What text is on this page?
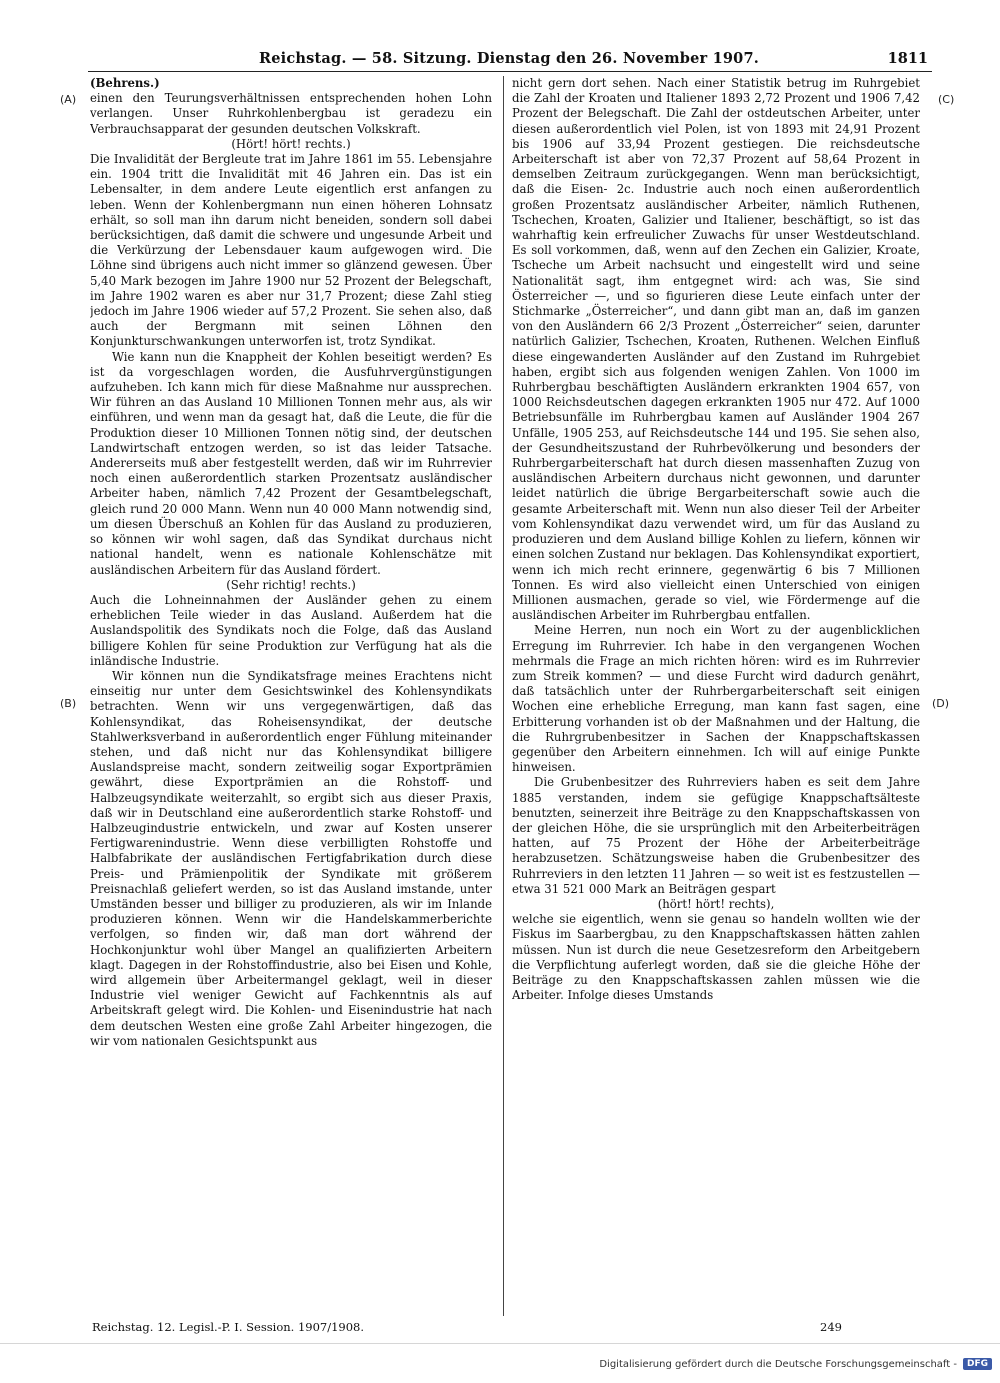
Reichstag. — 58. Sitzung. Dienstag den 26. November 1907.	1811
(A)
(B)
(C)
(D)

(Behrens.)

einen den Teurungsverhältnissen entsprechenden hohen Lohn verlangen. Unser Ruhrkohlenbergbau ist geradezu ein Verbrauchsapparat der gesunden deutschen Volkskraft.

(Hört! hört! rechts.)

Die Invalidität der Bergleute trat im Jahre 1861 im 55. Lebensjahre ein. 1904 tritt die Invalidität mit 46 Jahren ein. Das ist ein Lebensalter, in dem andere Leute eigentlich erst anfangen zu leben. Wenn der Kohlenbergmann nun einen höheren Lohnsatz erhält, so soll man ihn darum nicht beneiden, sondern soll dabei berücksichtigen, daß damit die schwere und ungesunde Arbeit und die Verkürzung der Lebensdauer kaum aufgewogen wird. Die Löhne sind übrigens auch nicht immer so glänzend gewesen. Über 5,40 Mark bezogen im Jahre 1900 nur 52 Prozent der Belegschaft, im Jahre 1902 waren es aber nur 31,7 Prozent; diese Zahl stieg jedoch im Jahre 1906 wieder auf 57,2 Prozent. Sie sehen also, daß auch der Bergmann mit seinen Löhnen den Konjunkturschwankungen unterworfen ist, trotz Syndikat.

Wie kann nun die Knappheit der Kohlen beseitigt werden? Es ist da vorgeschlagen worden, die Ausfuhrvergünstigungen aufzuheben. Ich kann mich für diese Maßnahme nur aussprechen. Wir führen an das Ausland 10 Millionen Tonnen mehr aus, als wir einführen, und wenn man da gesagt hat, daß die Leute, die für die Produktion dieser 10 Millionen Tonnen nötig sind, der deutschen Landwirtschaft entzogen werden, so ist das leider Tatsache. Andererseits muß aber festgestellt werden, daß wir im Ruhrrevier noch einen außerordentlich starken Prozentsatz ausländischer Arbeiter haben, nämlich 7,42 Prozent der Gesamtbelegschaft, gleich rund 20 000 Mann. Wenn nun 40 000 Mann notwendig sind, um diesen Überschuß an Kohlen für das Ausland zu produzieren, so können wir wohl sagen, daß das Syndikat durchaus nicht national handelt, wenn es nationale Kohlenschätze mit ausländischen Arbeitern für das Ausland fördert.

(Sehr richtig! rechts.)

Auch die Lohneinnahmen der Ausländer gehen zu einem erheblichen Teile wieder in das Ausland. Außerdem hat die Auslandspolitik des Syndikats noch die Folge, daß das Ausland billigere Kohlen für seine Produktion zur Verfügung hat als die inländische Industrie.

Wir können nun die Syndikatsfrage meines Erachtens nicht einseitig nur unter dem Gesichtswinkel des Kohlensyndikats betrachten. Wenn wir uns vergegenwärtigen, daß das Kohlensyndikat, das Roheisensyndikat, der deutsche Stahlwerksverband in außerordentlich enger Fühlung miteinander stehen, und daß nicht nur das Kohlensyndikat billigere Auslandspreise macht, sondern zeitweilig sogar Exportprämien gewährt, diese Exportprämien an die Rohstoff- und Halbzeugsyndikate weiterzahlt, so ergibt sich aus dieser Praxis, daß wir in Deutschland eine außerordentlich starke Rohstoff- und Halbzeugindustrie entwickeln, und zwar auf Kosten unserer Fertigwarenindustrie. Wenn diese verbilligten Rohstoffe und Halbfabrikate der ausländischen Fertigfabrikation durch diese Preis- und Prämienpolitik der Syndikate mit größerem Preisnachlaß geliefert werden, so ist das Ausland imstande, unter Umständen besser und billiger zu produzieren, als wir im Inlande produzieren können. Wenn wir die Handelskammerberichte verfolgen, so finden wir, daß man dort während der Hochkonjunktur wohl über Mangel an qualifizierten Arbeitern klagt. Dagegen in der Rohstoffindustrie, also bei Eisen und Kohle, wird allgemein über Arbeitermangel geklagt, weil in dieser Industrie viel weniger Gewicht auf Fachkenntnis als auf Arbeitskraft gelegt wird. Die Kohlen- und Eisenindustrie hat nach dem deutschen Westen eine große Zahl Arbeiter hingezogen, die wir vom nationalen Gesichtspunkt aus

nicht gern dort sehen. Nach einer Statistik betrug im Ruhrgebiet die Zahl der Kroaten und Italiener 1893 2,72 Prozent und 1906 7,42 Prozent der Belegschaft. Die Zahl der ostdeutschen Arbeiter, unter diesen außerordentlich viel Polen, ist von 1893 mit 24,91 Prozent bis 1906 auf 33,94 Prozent gestiegen. Die reichsdeutsche Arbeiterschaft ist aber von 72,37 Prozent auf 58,64 Prozent in demselben Zeitraum zurückgegangen. Wenn man berücksichtigt, daß die Eisen- 2c. Industrie auch noch einen außerordentlich großen Prozentsatz ausländischer Arbeiter, nämlich Ruthenen, Tschechen, Kroaten, Galizier und Italiener, beschäftigt, so ist das wahrhaftig kein erfreulicher Zuwachs für unser Westdeutschland. Es soll vorkommen, daß, wenn auf den Zechen ein Galizier, Kroate, Tscheche um Arbeit nachsucht und eingestellt wird und seine Nationalität sagt, ihm entgegnet wird: ach was, Sie sind Österreicher —, und so figurieren diese Leute einfach unter der Stichmarke „Österreicher“, und dann gibt man an, daß im ganzen von den Ausländern 66 2/3 Prozent „Österreicher“ seien, darunter natürlich Galizier, Tschechen, Kroaten, Ruthenen. Welchen Einfluß diese eingewanderten Ausländer auf den Zustand im Ruhrgebiet haben, ergibt sich aus folgenden wenigen Zahlen. Von 1000 im Ruhrbergbau beschäftigten Ausländern erkrankten 1904 657, von 1000 Reichsdeutschen dagegen erkrankten 1905 nur 472. Auf 1000 Betriebsunfälle im Ruhrbergbau kamen auf Ausländer 1904 267 Unfälle, 1905 253, auf Reichsdeutsche 144 und 195. Sie sehen also, der Gesundheitszustand der Ruhrbevölkerung und besonders der Ruhrbergarbeiterschaft hat durch diesen massenhaften Zuzug von ausländischen Arbeitern durchaus nicht gewonnen, und darunter leidet natürlich die übrige Bergarbeiterschaft sowie auch die gesamte Arbeiterschaft mit. Wenn nun also dieser Teil der Arbeiter vom Kohlensyndikat dazu verwendet wird, um für das Ausland zu produzieren und dem Ausland billige Kohlen zu liefern, können wir einen solchen Zustand nur beklagen. Das Kohlensyndikat exportiert, wenn ich mich recht erinnere, gegenwärtig 6 bis 7 Millionen Tonnen. Es wird also vielleicht einen Unterschied von einigen Millionen ausmachen, gerade so viel, wie Fördermenge auf die ausländischen Arbeiter im Ruhrbergbau entfallen.

Meine Herren, nun noch ein Wort zu der augenblicklichen Erregung im Ruhrrevier. Ich habe in den vergangenen Wochen mehrmals die Frage an mich richten hören: wird es im Ruhrrevier zum Streik kommen? — und diese Furcht wird dadurch genährt, daß tatsächlich unter der Ruhrbergarbeiterschaft seit einigen Wochen eine erhebliche Erregung, man kann fast sagen, eine Erbitterung vorhanden ist ob der Maßnahmen und der Haltung, die die Ruhrgrubenbesitzer in Sachen der Knappschaftskassen gegenüber den Arbeitern einnehmen. Ich will auf einige Punkte hinweisen.

Die Grubenbesitzer des Ruhrreviers haben es seit dem Jahre 1885 verstanden, indem sie gefügige Knappschaftsälteste benutzten, seinerzeit ihre Beiträge zu den Knappschaftskassen von der gleichen Höhe, die sie ursprünglich mit den Arbeiterbeiträgen hatten, auf 75 Prozent der Höhe der Arbeiterbeiträge herabzusetzen. Schätzungsweise haben die Grubenbesitzer des Ruhrreviers in den letzten 11 Jahren — so weit ist es festzustellen — etwa 31 521 000 Mark an Beiträgen gespart

(hört! hört! rechts),

welche sie eigentlich, wenn sie genau so handeln wollten wie der Fiskus im Saarbergbau, zu den Knappschaftskassen hätten zahlen müssen. Nun ist durch die neue Gesetzesreform den Arbeitgebern die Verpflichtung auferlegt worden, daß sie die gleiche Höhe der Beiträge zu den Knappschaftskassen zahlen müssen wie die Arbeiter. Infolge dieses Umstands

Reichstag. 12. Legisl.-P. I. Session. 1907/1908.	249
Digitalisierung gefördert durch die Deutsche Forschungsgemeinschaft -	DFG
